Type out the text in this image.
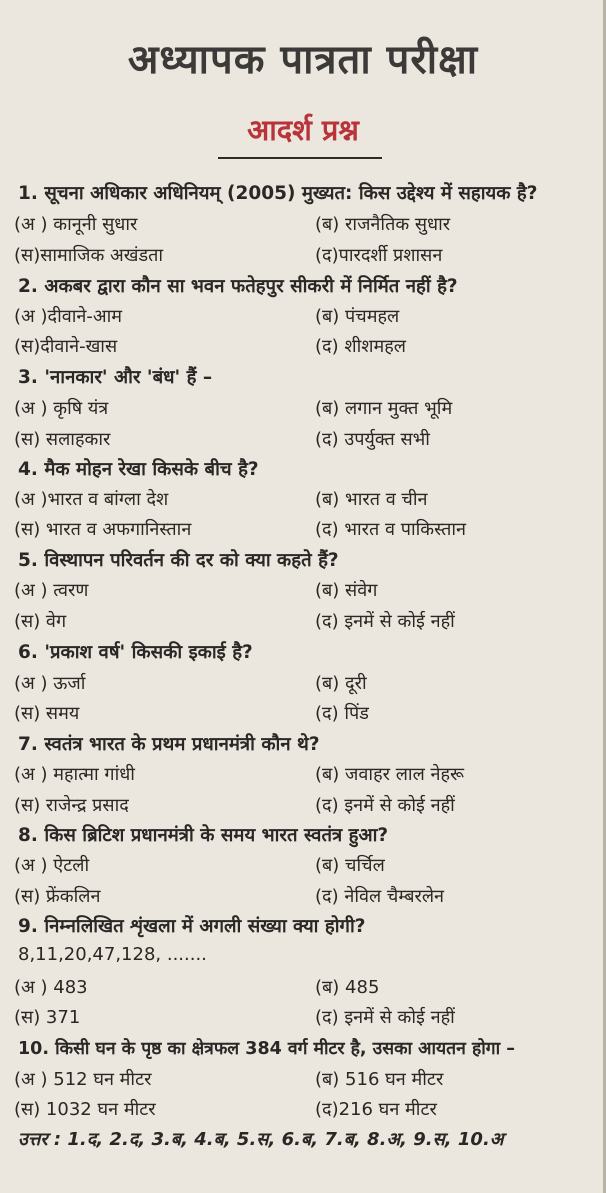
अध्यापक पात्रता परीक्षा
आदर्श प्रश्न
1. सूचना अधिकार अधिनियम् (2005) मुख्यत: किस उद्देश्य में सहायक है?
(अ ) कानूनी सुधार	(ब) राजनैतिक सुधार
(स)सामाजिक अखंडता	(द)पारदर्शी प्रशासन
2. अकबर द्वारा कौन सा भवन फतेहपुर सीकरी में निर्मित नहीं है?
(अ )दीवाने-आम	(ब) पंचमहल
(स)दीवाने-खास	(द) शीशमहल
3. 'नानकार' और 'बंध' हैं –
(अ ) कृषि यंत्र	(ब) लगान मुक्त भूमि
(स) सलाहकार	(द) उपर्युक्त सभी
4. मैक मोहन रेखा किसके बीच है?
(अ )भारत व बांग्ला देश	(ब) भारत व चीन
(स) भारत व अफगानिस्तान	(द) भारत व पाकिस्तान
5. विस्थापन परिवर्तन की दर को क्या कहते हैं?
(अ ) त्वरण	(ब) संवेग
(स) वेग	(द) इनमें से कोई नहीं
6. 'प्रकाश वर्ष' किसकी इकाई है?
(अ ) ऊर्जा	(ब) दूरी
(स) समय	(द) पिंड
7. स्वतंत्र भारत के प्रथम प्रधानमंत्री कौन थे?
(अ ) महात्मा गांधी	(ब) जवाहर लाल नेहरू
(स) राजेन्द्र प्रसाद	(द) इनमें से कोई नहीं
8. किस ब्रिटिश प्रधानमंत्री के समय भारत स्वतंत्र हुआ?
(अ ) ऐटली	(ब) चर्चिल
(स) फ्रेंकलिन	(द) नेविल चैम्बरलेन
9. निम्नलिखित शृंखला में अगली संख्या क्या होगी?
8,11,20,47,128, .......
(अ ) 483	(ब) 485
(स) 371	(द) इनमें से कोई नहीं
10. किसी घन के पृष्ठ का क्षेत्रफल 384 वर्ग मीटर है, उसका आयतन होगा –
(अ ) 512 घन मीटर	(ब) 516 घन मीटर
(स) 1032 घन मीटर	(द)216 घन मीटर
उत्तर : 1.द, 2.द, 3.ब, 4.ब, 5.स, 6.ब, 7.ब, 8.अ, 9.स, 10.अ
